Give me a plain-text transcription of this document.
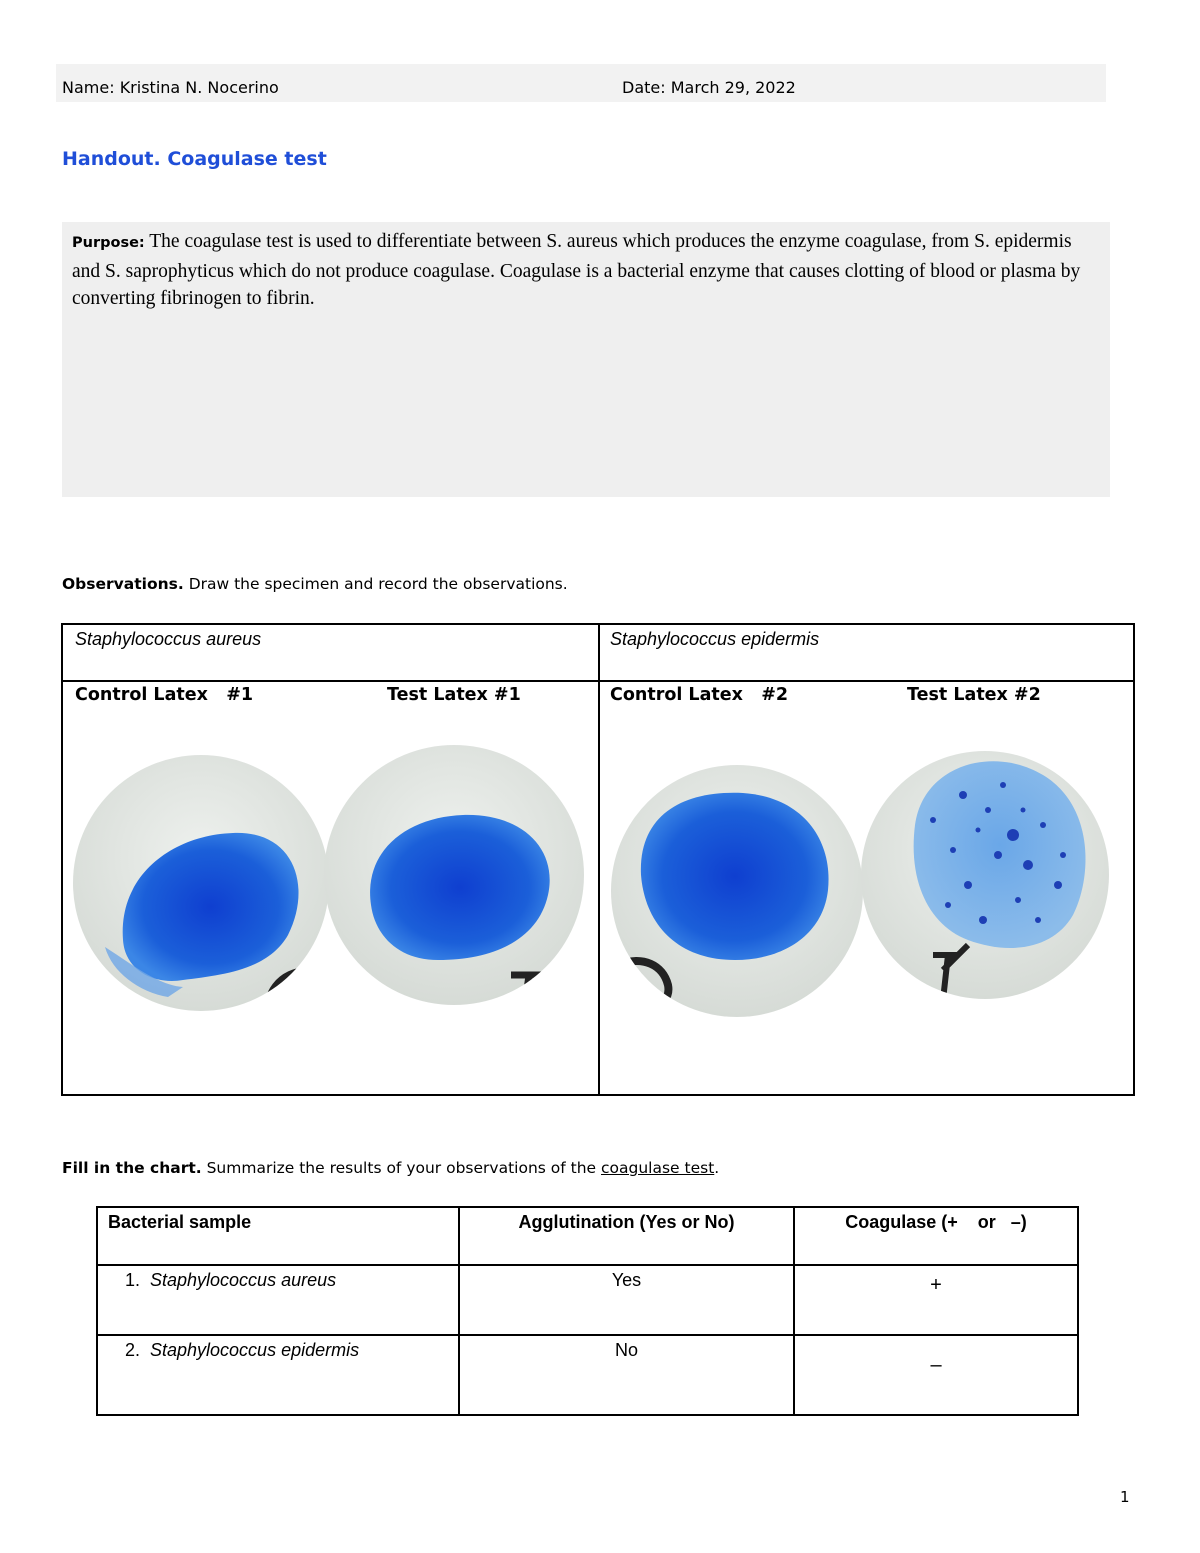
Name: Kristina N. Nocerino	Date: March 29, 2022
Handout. Coagulase test
Purpose: The coagulase test is used to differentiate between S. aureus which produces the enzyme coagulase, from S. epidermis and S. saprophyticus which do not produce coagulase. Coagulase is a bacterial enzyme that causes clotting of blood or plasma by converting fibrinogen to fibrin.
Observations. Draw the specimen and record the observations.
Staphylococcus aureus	Staphylococcus epidermis
Control Latex   #1	Test Latex #1	Control Latex   #2	Test Latex #2
Fill in the chart. Summarize the results of your observations of the coagulase test.
Bacterial sample	Agglutination (Yes or No)	Coagulase (+    or   –)
1. Staphylococcus aureus	Yes	+
2. Staphylococcus epidermis	No	–
1
